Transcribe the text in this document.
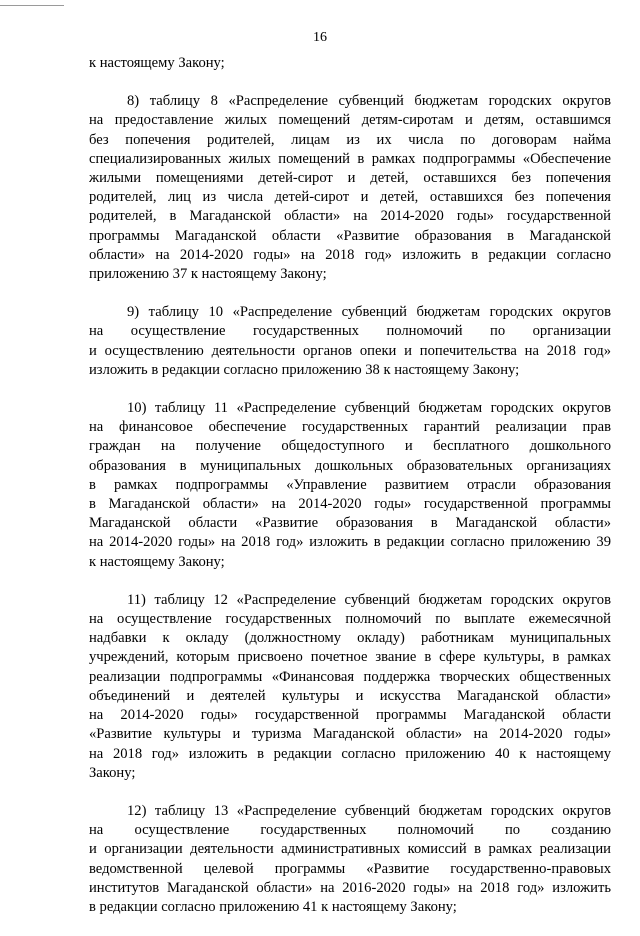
16
к настоящему Закону;
8) таблицу 8 «Распределение субвенций бюджетам городских округов
на предоставление жилых помещений детям-сиротам и детям, оставшимся
без попечения родителей, лицам из их числа по договорам найма
специализированных жилых помещений в рамках подпрограммы «Обеспечение
жилыми помещениями детей-сирот и детей, оставшихся без попечения
родителей, лиц из числа детей-сирот и детей, оставшихся без попечения
родителей, в Магаданской области» на 2014-2020 годы» государственной
программы Магаданской области «Развитие образования в Магаданской
области» на 2014-2020 годы» на 2018 год» изложить в редакции согласно
приложению 37 к настоящему Закону;
9) таблицу 10 «Распределение субвенций бюджетам городских округов
на осуществление государственных полномочий по организации
и осуществлению деятельности органов опеки и попечительства на 2018 год»
изложить в редакции согласно приложению 38 к настоящему Закону;
10) таблицу 11 «Распределение субвенций бюджетам городских округов
на финансовое обеспечение государственных гарантий реализации прав
граждан на получение общедоступного и бесплатного дошкольного
образования в муниципальных дошкольных образовательных организациях
в рамках подпрограммы «Управление развитием отрасли образования
в Магаданской области» на 2014-2020 годы» государственной программы
Магаданской области «Развитие образования в Магаданской области»
на 2014-2020 годы» на 2018 год» изложить в редакции согласно приложению 39
к настоящему Закону;
11) таблицу 12 «Распределение субвенций бюджетам городских округов
на осуществление государственных полномочий по выплате ежемесячной
надбавки к окладу (должностному окладу) работникам муниципальных
учреждений, которым присвоено почетное звание в сфере культуры, в рамках
реализации подпрограммы «Финансовая поддержка творческих общественных
объединений и деятелей культуры и искусства Магаданской области»
на 2014-2020 годы» государственной программы Магаданской области
«Развитие культуры и туризма Магаданской области» на 2014-2020 годы»
на 2018 год» изложить в редакции согласно приложению 40 к настоящему
Закону;
12) таблицу 13 «Распределение субвенций бюджетам городских округов
на осуществление государственных полномочий по созданию
и организации деятельности административных комиссий в рамках реализации
ведомственной целевой программы «Развитие государственно-правовых
институтов Магаданской области» на 2016-2020 годы» на 2018 год» изложить
в редакции согласно приложению 41 к настоящему Закону;
